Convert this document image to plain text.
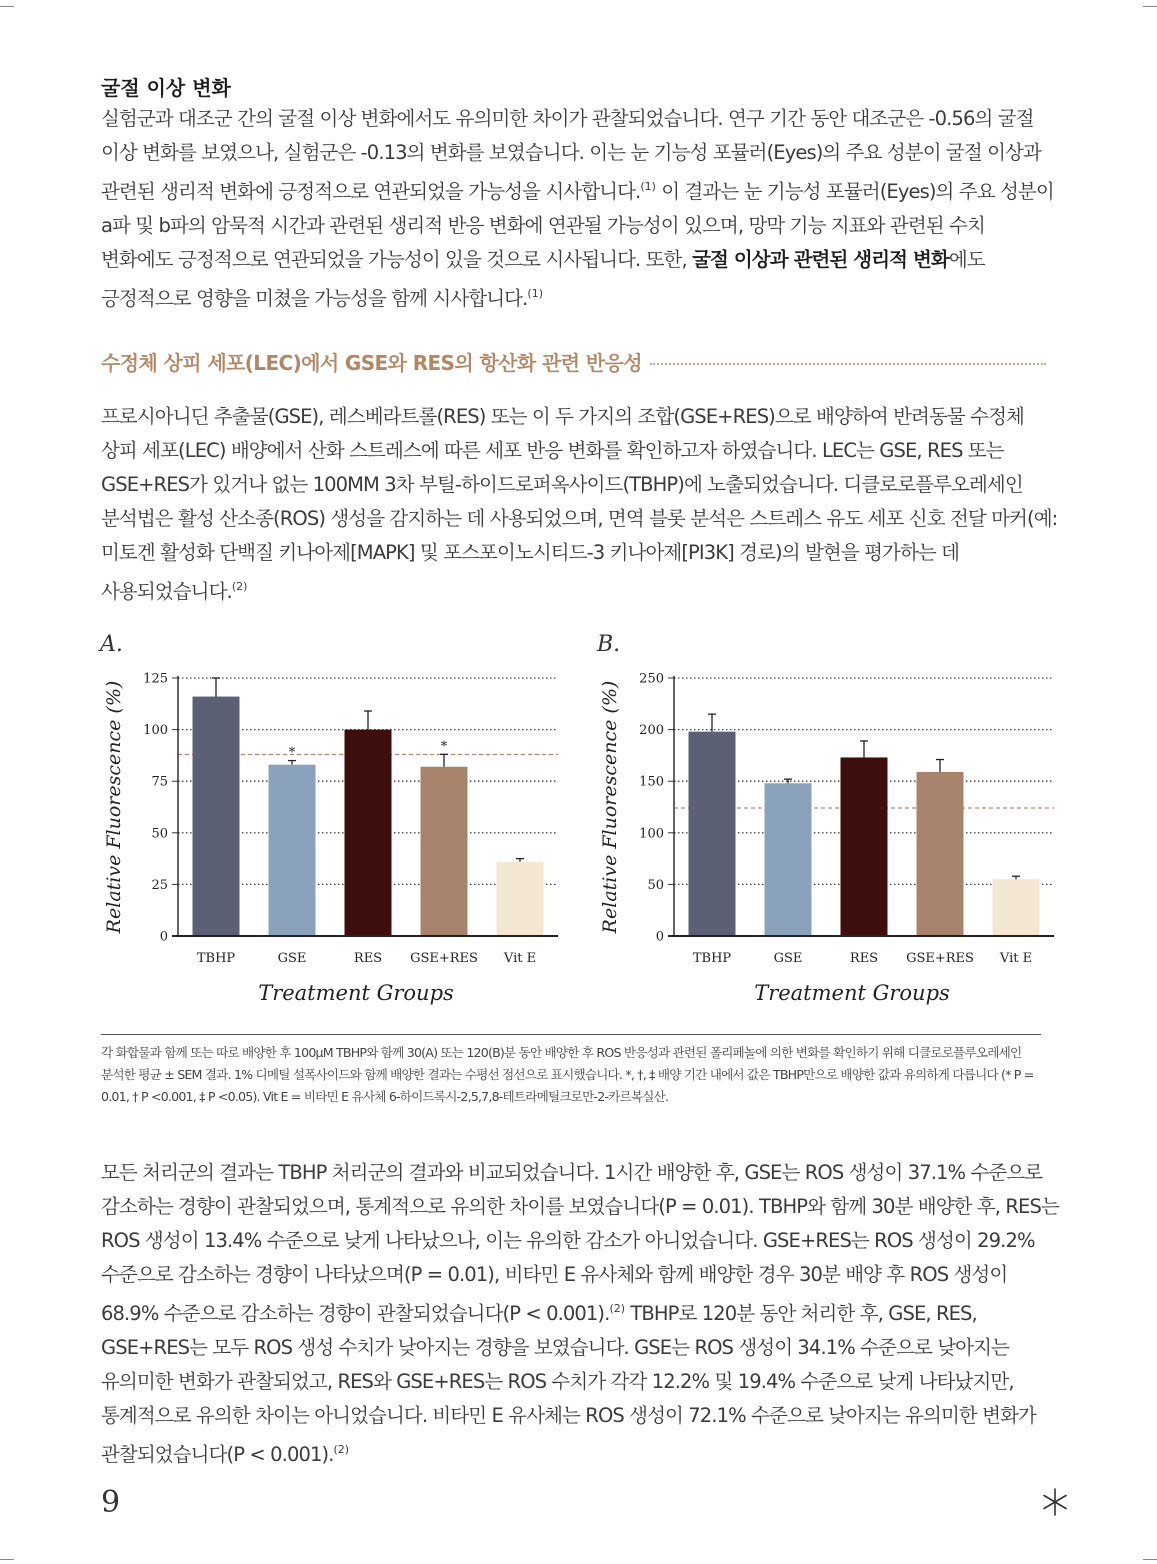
굴절 이상 변화

실험군과 대조군 간의 굴절 이상 변화에서도 유의미한 차이가 관찰되었습니다. 연구 기간 동안 대조군은 -0.56의 굴절 이상 변화를 보였으나, 실험군은 -0.13의 변화를 보였습니다. 이는 눈 기능성 포뮬러(Eyes)의 주요 성분이 굴절 이상과 관련된 생리적 변화에 긍정적으로 연관되었을 가능성을 시사합니다.$^{(1)}$ 이 결과는 눈 기능성 포뮬러(Eyes)의 주요 성분이 a파 및 b파의 암묵적 시간과 관련된 생리적 반응 변화에 연관될 가능성이 있으며, 망막 기능 지표와 관련된 수치 변화에도 긍정적으로 연관되었을 가능성이 있을 것으로 시사됩니다. 또한, 굴절 이상과 관련된 생리적 변화에도 긍정적으로 영향을 미쳤을 가능성을 함께 시사합니다.$^{(1)}$

수정체 상피 세포(LEC)에서 GSE와 RES의 항산화 관련 반응성

프로시아니딘 추출물(GSE), 레스베라트롤(RES) 또는 이 두 가지의 조합(GSE+RES)으로 배양하여 반려동물 수정체 상피 세포(LEC) 배양에서 산화 스트레스에 따른 세포 반응 변화를 확인하고자 하였습니다. LEC는 GSE, RES 또는 GSE+RES가 있거나 없는 100MM 3차 부틸-하이드로퍼옥사이드(TBHP)에 노출되었습니다. 디클로로플루오레세인 분석법은 활성 산소종(ROS) 생성을 감지하는 데 사용되었으며, 면역 블롯 분석은 스트레스 유도 세포 신호 전달 마커(예: 미토겐 활성화 단백질 키나아제[MAPK] 및 포스포이노시티드-3 키나아제[PI3K] 경로)의 발현을 평가하는 데 사용되었습니다.$^{(2)}$

A.
Relative Fluorescence (%)
0
25
50
75
100
125
TBHP
*
GSE	RES
*
GSE+RES Vit E
Treatment Groups
B.
Relative Fluorescence (%)
0
50
100
150
200
250
TBHP	GSE	RES GSE+RES Vit E
Treatment Groups

각 화합물과 함께 또는 따로 배양한 후 100µM TBHP와 함께 30(A) 또는 120(B)분 동안 배양한 후 ROS 반응성과 관련된 폴리페놀에 의한 변화를 확인하기 위해 디클로로플루오레세인 분석한 평균 ± SEM 결과. 1% 디메틸 설폭사이드와 함께 배양한 결과는 수평선 점선으로 표시했습니다. *, †, ‡ 배양 기간 내에서 값은 TBHP만으로 배양한 값과 유의하게 다릅니다 (* P = 0.01, † P <0.001, ‡ P <0.05). Vit E = 비타민 E 유사체 6-하이드록시-2,5,7,8-테트라메틸크로만-2-카르복실산.

모든 처리군의 결과는 TBHP 처리군의 결과와 비교되었습니다. 1시간 배양한 후, GSE는 ROS 생성이 37.1% 수준으로 감소하는 경향이 관찰되었으며, 통계적으로 유의한 차이를 보였습니다(P = 0.01). TBHP와 함께 30분 배양한 후, RES는 ROS 생성이 13.4% 수준으로 낮게 나타났으나, 이는 유의한 감소가 아니었습니다. GSE+RES는 ROS 생성이 29.2% 수준으로 감소하는 경향이 나타났으며(P = 0.01), 비타민 E 유사체와 함께 배양한 경우 30분 배양 후 ROS 생성이 68.9% 수준으로 감소하는 경향이 관찰되었습니다(P < 0.001).$^{(2)}$ TBHP로 120분 동안 처리한 후, GSE, RES, GSE+RES는 모두 ROS 생성 수치가 낮아지는 경향을 보였습니다. GSE는 ROS 생성이 34.1% 수준으로 낮아지는 유의미한 변화가 관찰되었고, RES와 GSE+RES는 ROS 수치가 각각 12.2% 및 19.4% 수준으로 낮게 나타났지만, 통계적으로 유의한 차이는 아니었습니다. 비타민 E 유사체는 ROS 생성이 72.1% 수준으로 낮아지는 유의미한 변화가 관찰되었습니다(P < 0.001).$^{(2)}$

9
